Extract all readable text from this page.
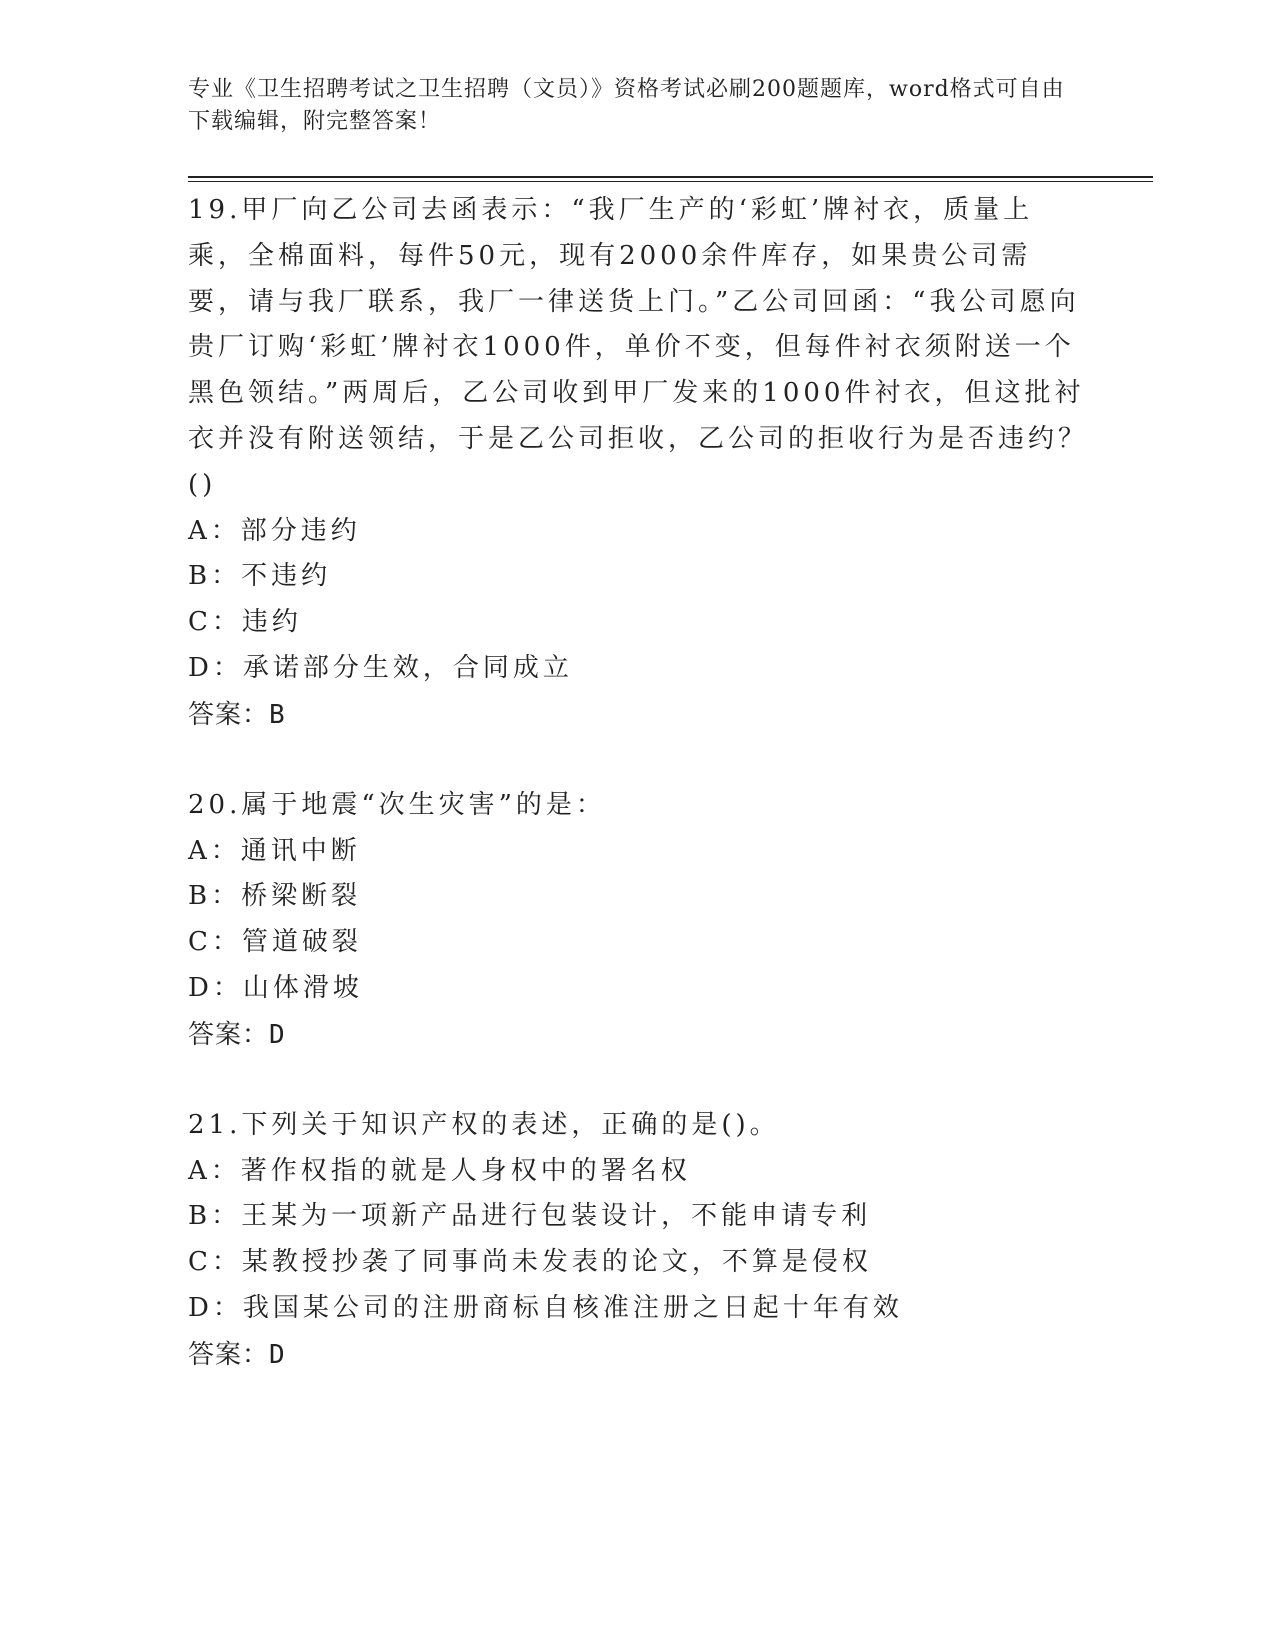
专业《卫生招聘考试之卫生招聘（文员）》资格考试必刷200题题库，word格式可自由下载编辑，附完整答案！

19.甲厂向乙公司去函表示：“我厂生产的‘彩虹’牌衬衣，质量上乘，全棉面料，每件50元，现有2000余件库存，如果贵公司需要，请与我厂联系，我厂一律送货上门。”乙公司回函：“我公司愿向贵厂订购‘彩虹’牌衬衣1000件，单价不变，但每件衬衣须附送一个黑色领结。”两周后，乙公司收到甲厂发来的1000件衬衣，但这批衬衣并没有附送领结，于是乙公司拒收，乙公司的拒收行为是否违约？()

A：部分违约
B：不违约
C：违约
D：承诺部分生效，合同成立
答案：B

20.属于地震“次生灾害”的是：

A：通讯中断
B：桥梁断裂
C：管道破裂
D：山体滑坡
答案：D

21.下列关于知识产权的表述，正确的是()。

A：著作权指的就是人身权中的署名权
B：王某为一项新产品进行包装设计，不能申请专利
C：某教授抄袭了同事尚未发表的论文，不算是侵权
D：我国某公司的注册商标自核准注册之日起十年有效
答案：D
